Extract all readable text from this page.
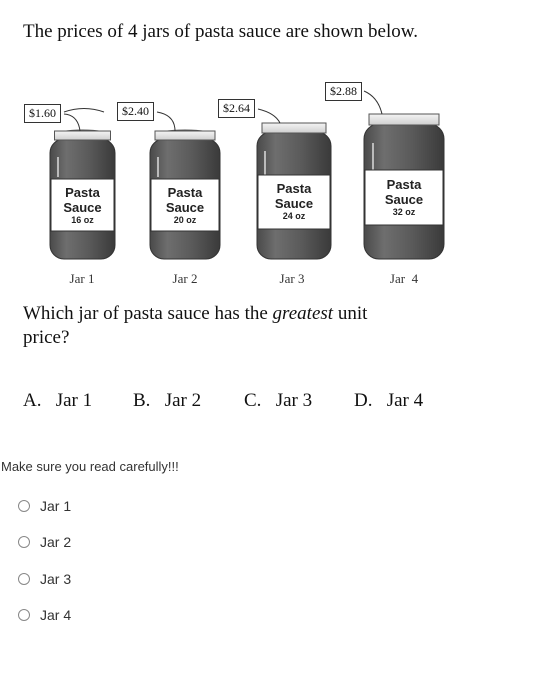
The prices of 4 jars of pasta sauce are shown below.
Pasta
Sauce
16 oz
Pasta
Sauce
20 oz
Pasta
Sauce
24 oz
Pasta
Sauce
32 oz
$1.60	$2.40	$2.64
$2.88
Jar 1	Jar 2	Jar 3	Jar  4
Which jar of pasta sauce has the greatest unit price?
A. Jar 1 B. Jar 2 C. Jar 3 D. Jar 4
Make sure you read carefully!!!
Jar 1
Jar 2
Jar 3
Jar 4
